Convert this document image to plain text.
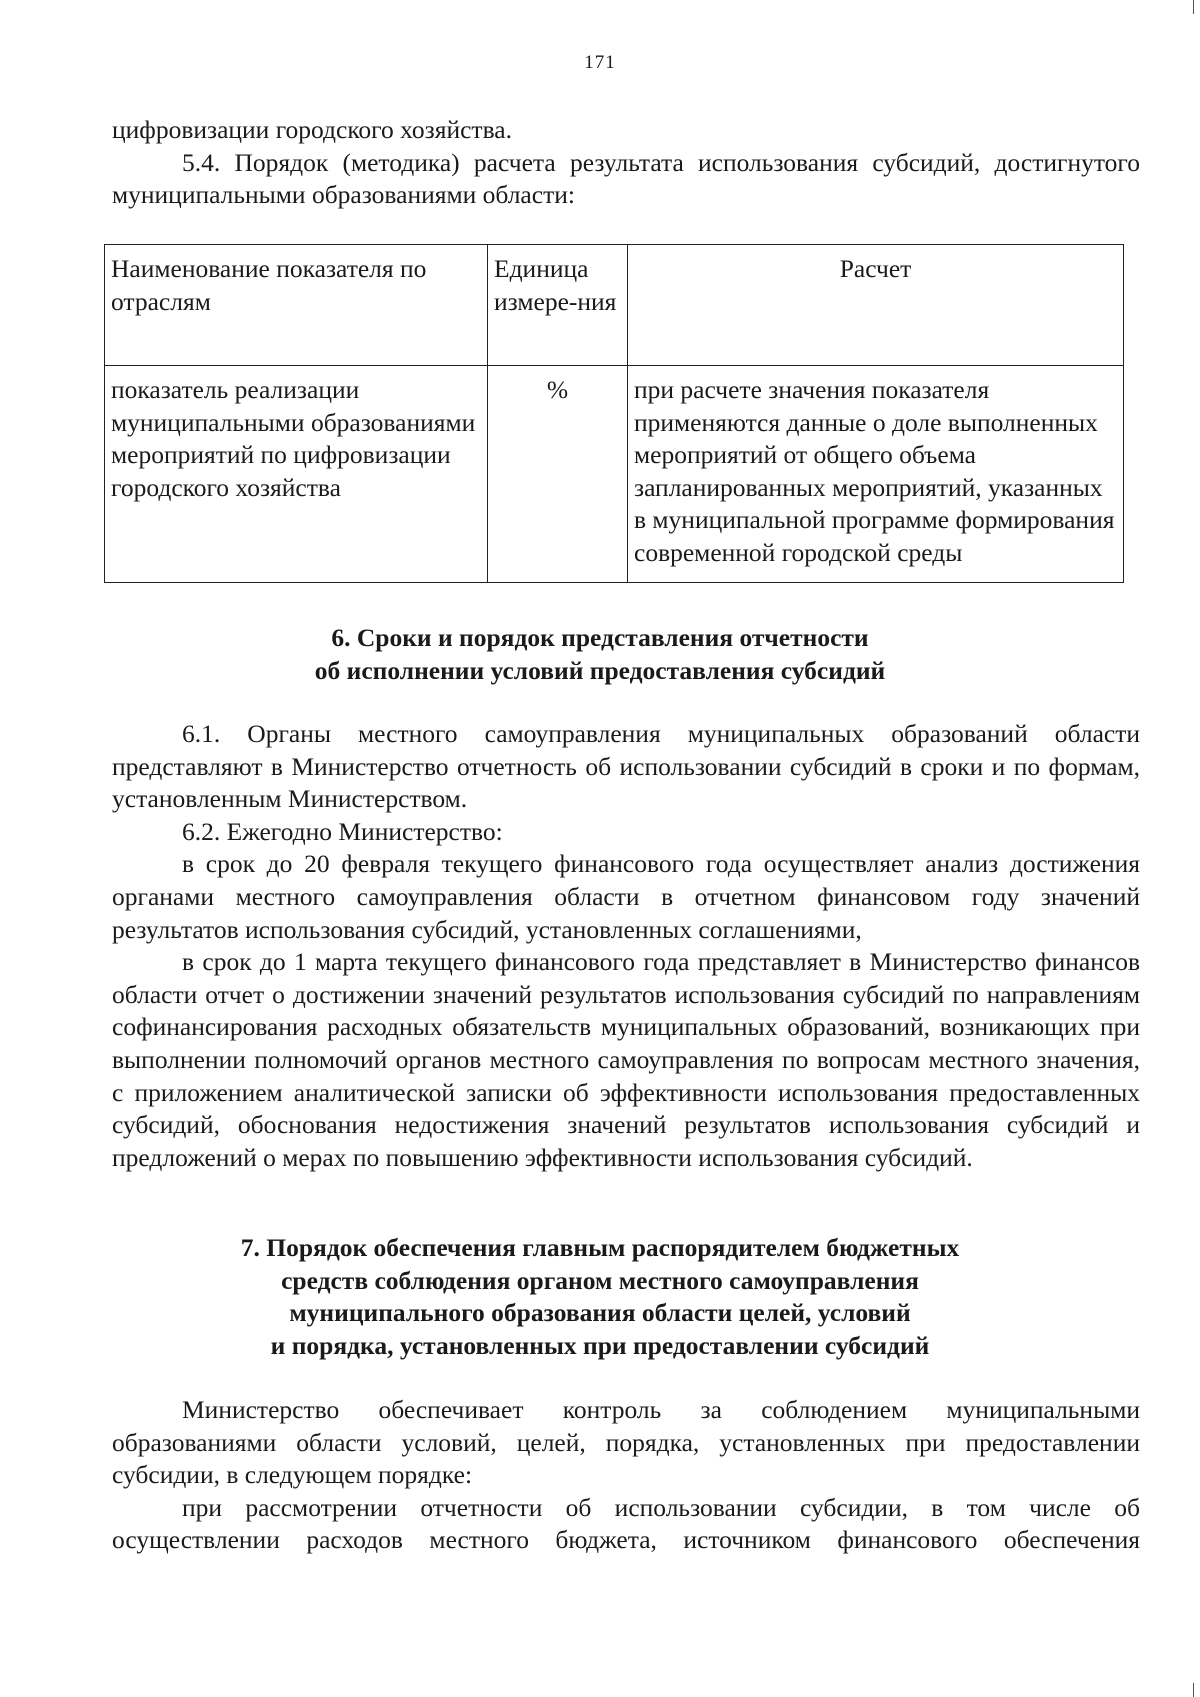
171

цифровизации городского хозяйства.

5.4. Порядок (методика) расчета результата использования субсидий, достигнутого муниципальными образованиями области:

Наименование показателя по отраслям	Единица измере-ния	Расчет
показатель реализации муниципальными образованиями мероприятий по цифровизации городского хозяйства	%	при расчете значения показателя применяются данные о доле выполненных мероприятий от общего объема запланированных мероприятий, указанных в муниципальной программе формирования современной городской среды
6. Сроки и порядок представления отчетности
об исполнении условий предоставления субсидий

6.1. Органы местного самоуправления муниципальных образований области представляют в Министерство отчетность об использовании субсидий в сроки и по формам, установленным Министерством.

6.2. Ежегодно Министерство:

в срок до 20 февраля текущего финансового года осуществляет анализ достижения органами местного самоуправления области в отчетном финансовом году значений результатов использования субсидий, установленных соглашениями,

в срок до 1 марта текущего финансового года представляет в Министерство финансов области отчет о достижении значений результатов использования субсидий по направлениям софинансирования расходных обязательств муниципальных образований, возникающих при выполнении полномочий органов местного самоуправления по вопросам местного значения, с приложением аналитической записки об эффективности использования предоставленных субсидий, обоснования недостижения значений результатов использования субсидий и предложений о мерах по повышению эффективности использования субсидий.

7. Порядок обеспечения главным распорядителем бюджетных
средств соблюдения органом местного самоуправления
муниципального образования области целей, условий
и порядка, установленных при предоставлении субсидий

Министерство обеспечивает контроль за соблюдением муниципальными образованиями области условий, целей, порядка, установленных при предоставлении субсидии, в следующем порядке:

при рассмотрении отчетности об использовании субсидии, в том числе об осуществлении расходов местного бюджета, источником финансового обеспечения
